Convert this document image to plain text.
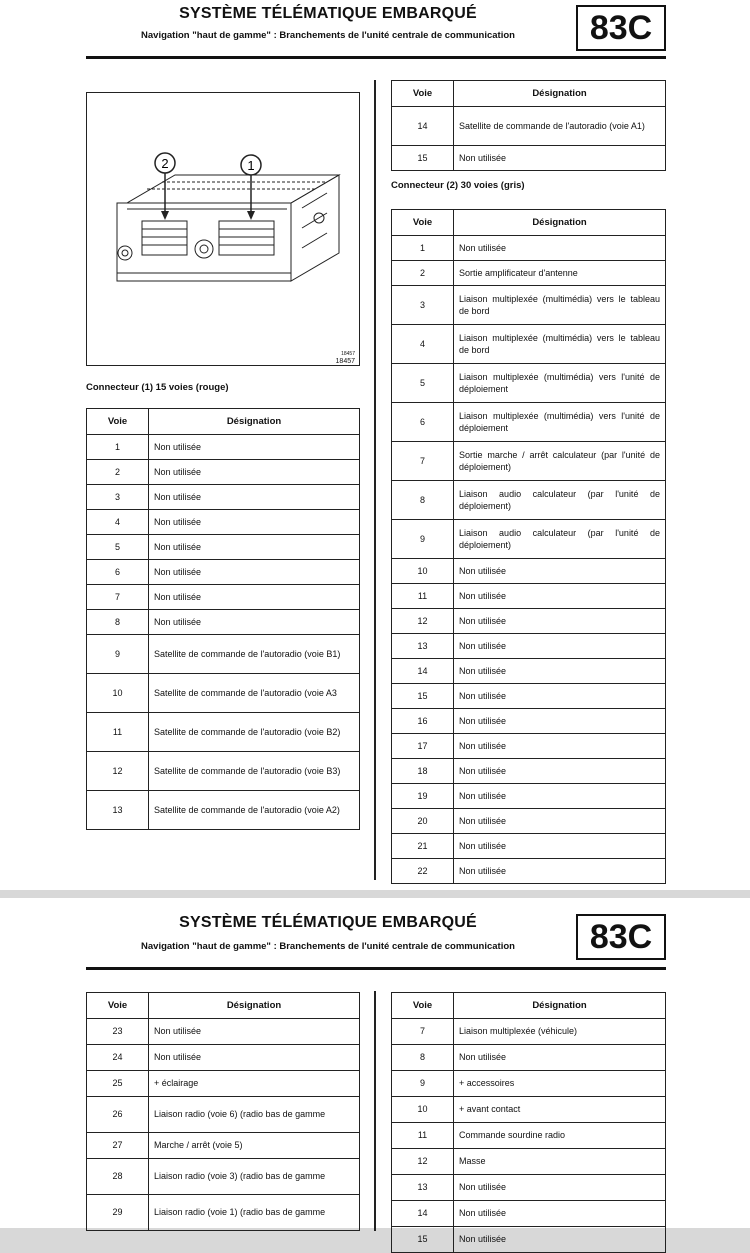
SYSTÈME TÉLÉMATIQUE EMBARQUÉ
Navigation "haut de gamme" : Branchements de l'unité centrale de communication	83C
2	1
18457
18457
Connecteur (1) 15 voies (rouge)
Voie	Désignation
1	Non utilisée
2	Non utilisée
3	Non utilisée
4	Non utilisée
5	Non utilisée
6	Non utilisée
7	Non utilisée
8	Non utilisée
9	Satellite de commande de l'autoradio (voie B1)
10	Satellite de commande de l'autoradio (voie A3
11	Satellite de commande de l'autoradio (voie B2)
12	Satellite de commande de l'autoradio (voie B3)
13	Satellite de commande de l'autoradio (voie A2)
Voie	Désignation
14	Satellite de commande de l'autoradio (voie A1)
15	Non utilisée
Connecteur (2) 30 voies (gris)
Voie	Désignation
1	Non utilisée
2	Sortie amplificateur d'antenne
3	Liaison multiplexée (multimédia) vers le tableau de bord
4	Liaison multiplexée (multimédia) vers le tableau de bord
5	Liaison multiplexée (multimédia) vers l'unité de déploiement
6	Liaison multiplexée (multimédia) vers l'unité de déploiement
7	Sortie marche / arrêt calculateur (par l'unité de déploiement)
8	Liaison audio calculateur (par l'unité de déploiement)
9	Liaison audio calculateur (par l'unité de déploiement)
10	Non utilisée
11	Non utilisée
12	Non utilisée
13	Non utilisée
14	Non utilisée
15	Non utilisée
16	Non utilisée
17	Non utilisée
18	Non utilisée
19	Non utilisée
20	Non utilisée
21	Non utilisée
22	Non utilisée
SYSTÈME TÉLÉMATIQUE EMBARQUÉ
Navigation "haut de gamme" : Branchements de l'unité centrale de communication	83C
Voie	Désignation
23	Non utilisée
24	Non utilisée
25	+ éclairage
26	Liaison radio (voie 6) (radio bas de gamme
27	Marche / arrêt (voie 5)
28	Liaison radio (voie 3) (radio bas de gamme
29	Liaison radio (voie 1) (radio bas de gamme
Voie	Désignation
7	Liaison multiplexée (véhicule)
8	Non utilisée
9	+ accessoires
10	+ avant contact
11	Commande sourdine radio
12	Masse
13	Non utilisée
14	Non utilisée
15	Non utilisée
